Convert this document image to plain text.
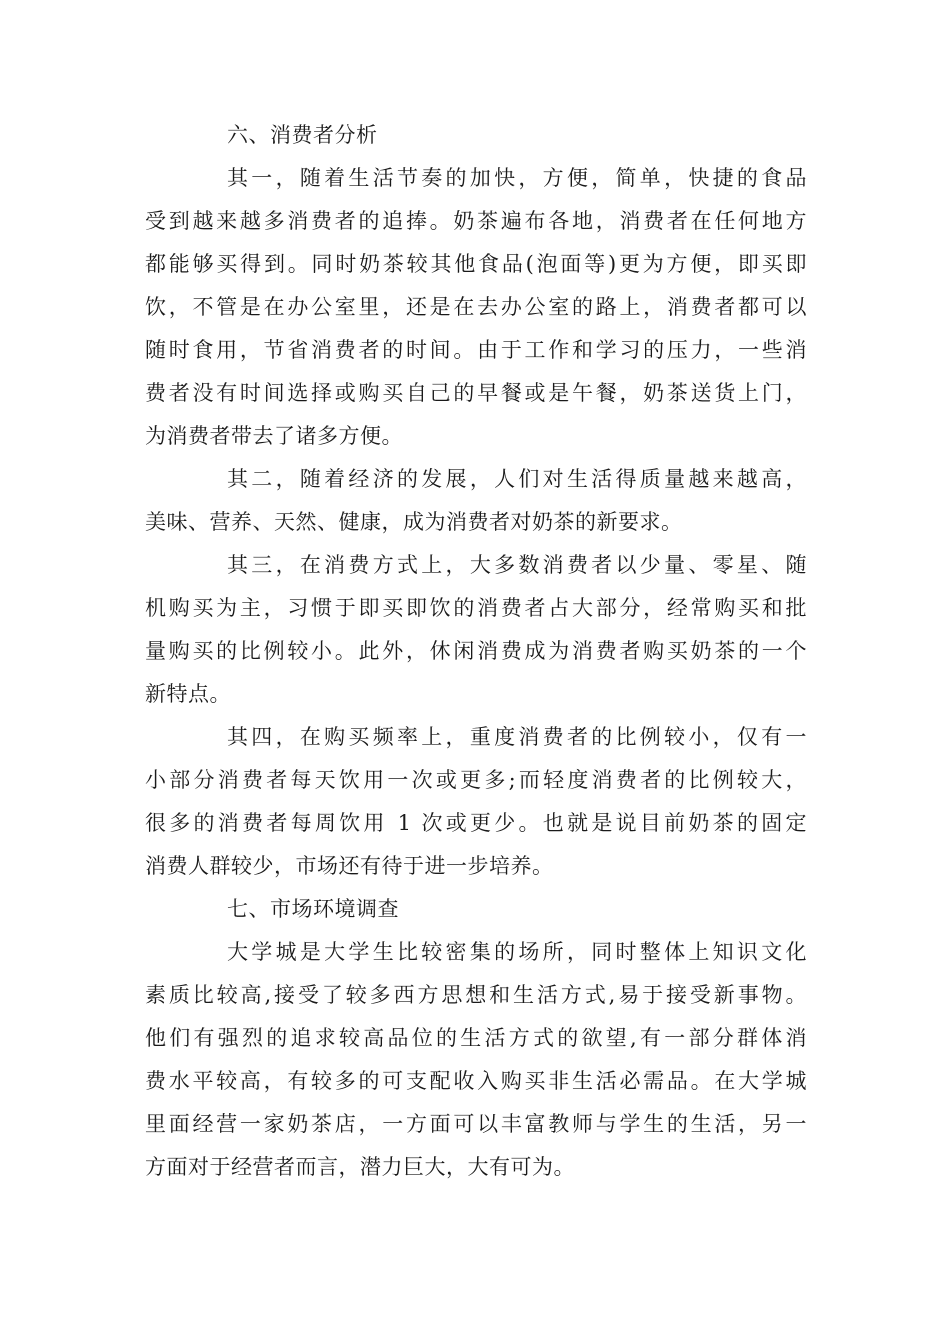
六、消费者分析
其一，随着生活节奏的加快，方便，简单，快捷的食品
受到越来越多消费者的追捧。奶茶遍布各地，消费者在任何地方
都能够买得到。同时奶茶较其他食品(泡面等)更为方便，即买即
饮，不管是在办公室里，还是在去办公室的路上，消费者都可以
随时食用，节省消费者的时间。由于工作和学习的压力，一些消
费者没有时间选择或购买自己的早餐或是午餐，奶茶送货上门，
为消费者带去了诸多方便。
其二，随着经济的发展，人们对生活得质量越来越高，
美味、营养、天然、健康，成为消费者对奶茶的新要求。
其三，在消费方式上，大多数消费者以少量、零星、随
机购买为主，习惯于即买即饮的消费者占大部分，经常购买和批
量购买的比例较小。此外，休闲消费成为消费者购买奶茶的一个
新特点。
其四，在购买频率上，重度消费者的比例较小，仅有一
小部分消费者每天饮用一次或更多;而轻度消费者的比例较大，
很多的消费者每周饮用 1 次或更少。也就是说目前奶茶的固定
消费人群较少，市场还有待于进一步培养。
七、市场环境调查
大学城是大学生比较密集的场所，同时整体上知识文化
素质比较高,接受了较多西方思想和生活方式,易于接受新事物。
他们有强烈的追求较高品位的生活方式的欲望,有一部分群体消
费水平较高，有较多的可支配收入购买非生活必需品。在大学城
里面经营一家奶茶店，一方面可以丰富教师与学生的生活，另一
方面对于经营者而言，潜力巨大，大有可为。
